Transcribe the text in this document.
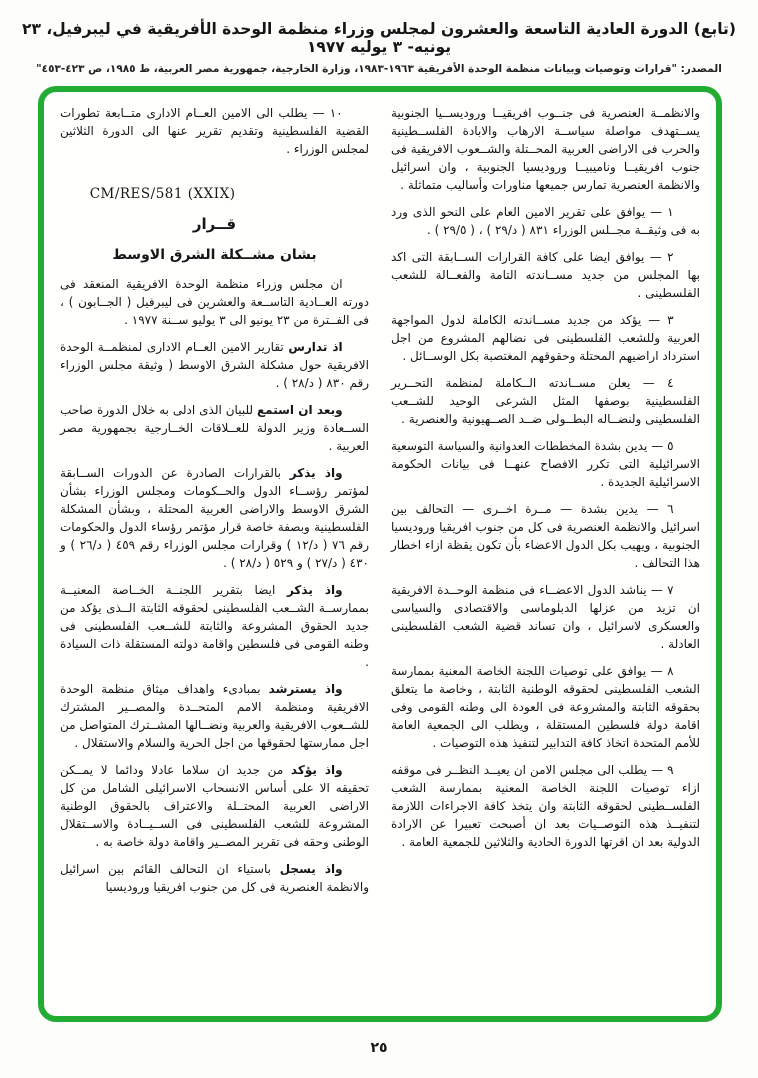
(تابع) الدورة العادية التاسعة والعشرون لمجلس وزراء منظمة الوحدة الأفريقية في ليبرفيل، ٢٣ يونيه- ٣ يوليه ١٩٧٧
المصدر: "قرارات وتوصيات وبيانات منظمة الوحدة الأفريقية ١٩٦٣-١٩٨٣، وزارة الخارجية، جمهورية مصر العربية، ط ١٩٨٥، ص ٤٢٣-٤٥٣"

والانظمــة العنصرية فى جنــوب افريقيــا وروديســيا الجنوبية يســتهدف مواصلة سياســة الارهاب والابادة الفلســطينية والحرب فى الاراضى العربية المحــتلة والشــعوب الافريقية فى جنوب افريقيــا وناميبيــا وروديسيا الجنوبية ، وان اسرائيل والانظمة العنصرية تمارس جميعها مناورات وأساليب متماثلة .

١ — يوافق على تقرير الامين العام على النحو الذى ورد به فى وثيقــة مجــلس الوزراء ٨٣١ ( د/٢٩ ) ، ( ٢٩/٥ ) .

٢ — يوافق ايضا على كافة القرارات الســابقة التى اكد بها المجلس من جديد مســاندته التامة والفعــالة للشعب الفلسطينى .

٣ — يؤكد من جديد مســاندته الكاملة لدول المواجهة العربية وللشعب الفلسطينى فى نضالهم المشروع من اجل استرداد اراضيهم المحتلة وحقوقهم المغتصبة بكل الوســائل .

٤ — يعلن مســاندته الــكاملة لمنظمة التحــرير الفلسطينية بوصفها المثل الشرعى الوحيد للشــعب الفلسطينى ولنضــاله البطــولى ضــد الصــهيونية والعنصرية .

٥ — يدين بشدة المخططات العدوانية والسياسة التوسعية الاسرائيلية التى تكرر الافصاح عنهــا فى بيانات الحكومة الاسرائيلية الجديدة .

٦ — يدين بشدة — مــرة اخــرى — التحالف بين اسرائيل والانظمة العنصرية فى كل من جنوب افريقيا وروديسيا الجنوبية ، ويهيب بكل الدول الاعضاء بأن تكون يقظة ازاء اخطار هذا التحالف .

٧ — يناشد الدول الاعضــاء فى منظمة الوحــدة الافريقية ان تزيد من عزلها الدبلوماسى والاقتصادى والسياسى والعسكرى لاسرائيل ، وان تساند قضية الشعب الفلسطينى العادلة .

٨ — يوافق على توصيات اللجنة الخاصة المعنية بممارسة الشعب الفلسطينى لحقوقه الوطنية الثابتة ، وخاصة ما يتعلق بحقوقه الثابتة والمشروعة فى العودة الى وطنه القومى وفى اقامة دولة فلسطين المستقلة ، ويطلب الى الجمعية العامة للأمم المتحدة اتخاذ كافة التدابير لتنفيذ هذه التوصيات .

٩ — يطلب الى مجلس الامن ان يعيــد النظــر فى موقفه ازاء توصيات اللجنة الخاصة المعنية بممارسة الشعب الفلســطينى لحقوقه الثابتة وان يتخذ كافة الاجراءات اللازمة لتنفيــذ هذه التوصــيات بعد ان أصبحت تعبيرا عن الارادة الدولية بعد ان اقرتها الدورة الحادية والثلاثين للجمعية العامة .

١٠ — يطلب الى الامين العــام الادارى متــابعة تطورات القضية الفلسطينية وتقديم تقرير عنها الى الدورة الثلاثين لمجلس الوزراء .

CM/RES/581 (XXIX)

قــرار

بشان مشــكلة الشرق الاوسط

ان مجلس وزراء منظمة الوحدة الافريقية المنعقد فى دورته العــادية التاســعة والعشرين فى ليبرفيل ( الجــابون ) ، فى الفــترة من ٢٣ يونيو الى ٣ يوليو ســنة ١٩٧٧ .

اذ تدارس تقارير الامين العــام الادارى لمنظمــة الوحدة الافريقية حول مشكلة الشرق الاوسط ( وثيقة مجلس الوزراء رقم ٨٣٠ ( د/٢٨ ) .

وبعد ان استمع للبيان الذى ادلى به خلال الدورة صاحب الســعادة وزير الدولة للعــلاقات الخــارجية بجمهورية مصر العربية .

واذ يذكر بالقرارات الصادرة عن الدورات الســابقة لمؤتمر رؤســاء الدول والحــكومات ومجلس الوزراء بشأن الشرق الاوسط والاراضى العربية المحتلة ، وبشأن المشكلة الفلسطينية وبصفة خاصة قرار مؤتمر رؤساء الدول والحكومات رقم ٧٦ ( د/١٢ ) وقرارات مجلس الوزراء رقم ٤٥٩ ( د/٢٦ ) و ٤٣٠ ( د/٢٧ ) و ٥٢٩ ( د/٢٨ ) .

واذ يذكر ايضا بتقرير اللجنــة الخــاصة المعنيــة بممارســة الشــعب الفلسطينى لحقوقه الثابتة الــذى يؤكد من جديد الحقوق المشروعة والثابتة للشــعب الفلسطينى فى وطنه القومى فى فلسطين واقامة دولته المستقلة ذات السيادة .

واذ يسترشد بمبادىء واهداف ميثاق منظمة الوحدة الافريقية ومنظمة الامم المتحــدة والمصــير المشترك للشــعوب الافريقية والعربية ونضــالها المشــترك المتواصل من اجل ممارستها لحقوقها من اجل الحرية والسلام والاستقلال .

واذ يؤكد من جديد ان سلاما عادلا ودائما لا يمــكن تحقيقه الا على أساس الانسحاب الاسرائيلى الشامل من كل الاراضى العربية المحتــلة والاعتراف بالحقوق الوطنية المشروعة للشعب الفلسطينى فى الســيــادة والاســتقلال الوطنى وحقه فى تقرير المصــير واقامة دولة خاصة به .

واذ يسجل باستياء ان التحالف القائم بين اسرائيل والانظمة العنصرية فى كل من جنوب افريقيا وروديسيا

٢٥
